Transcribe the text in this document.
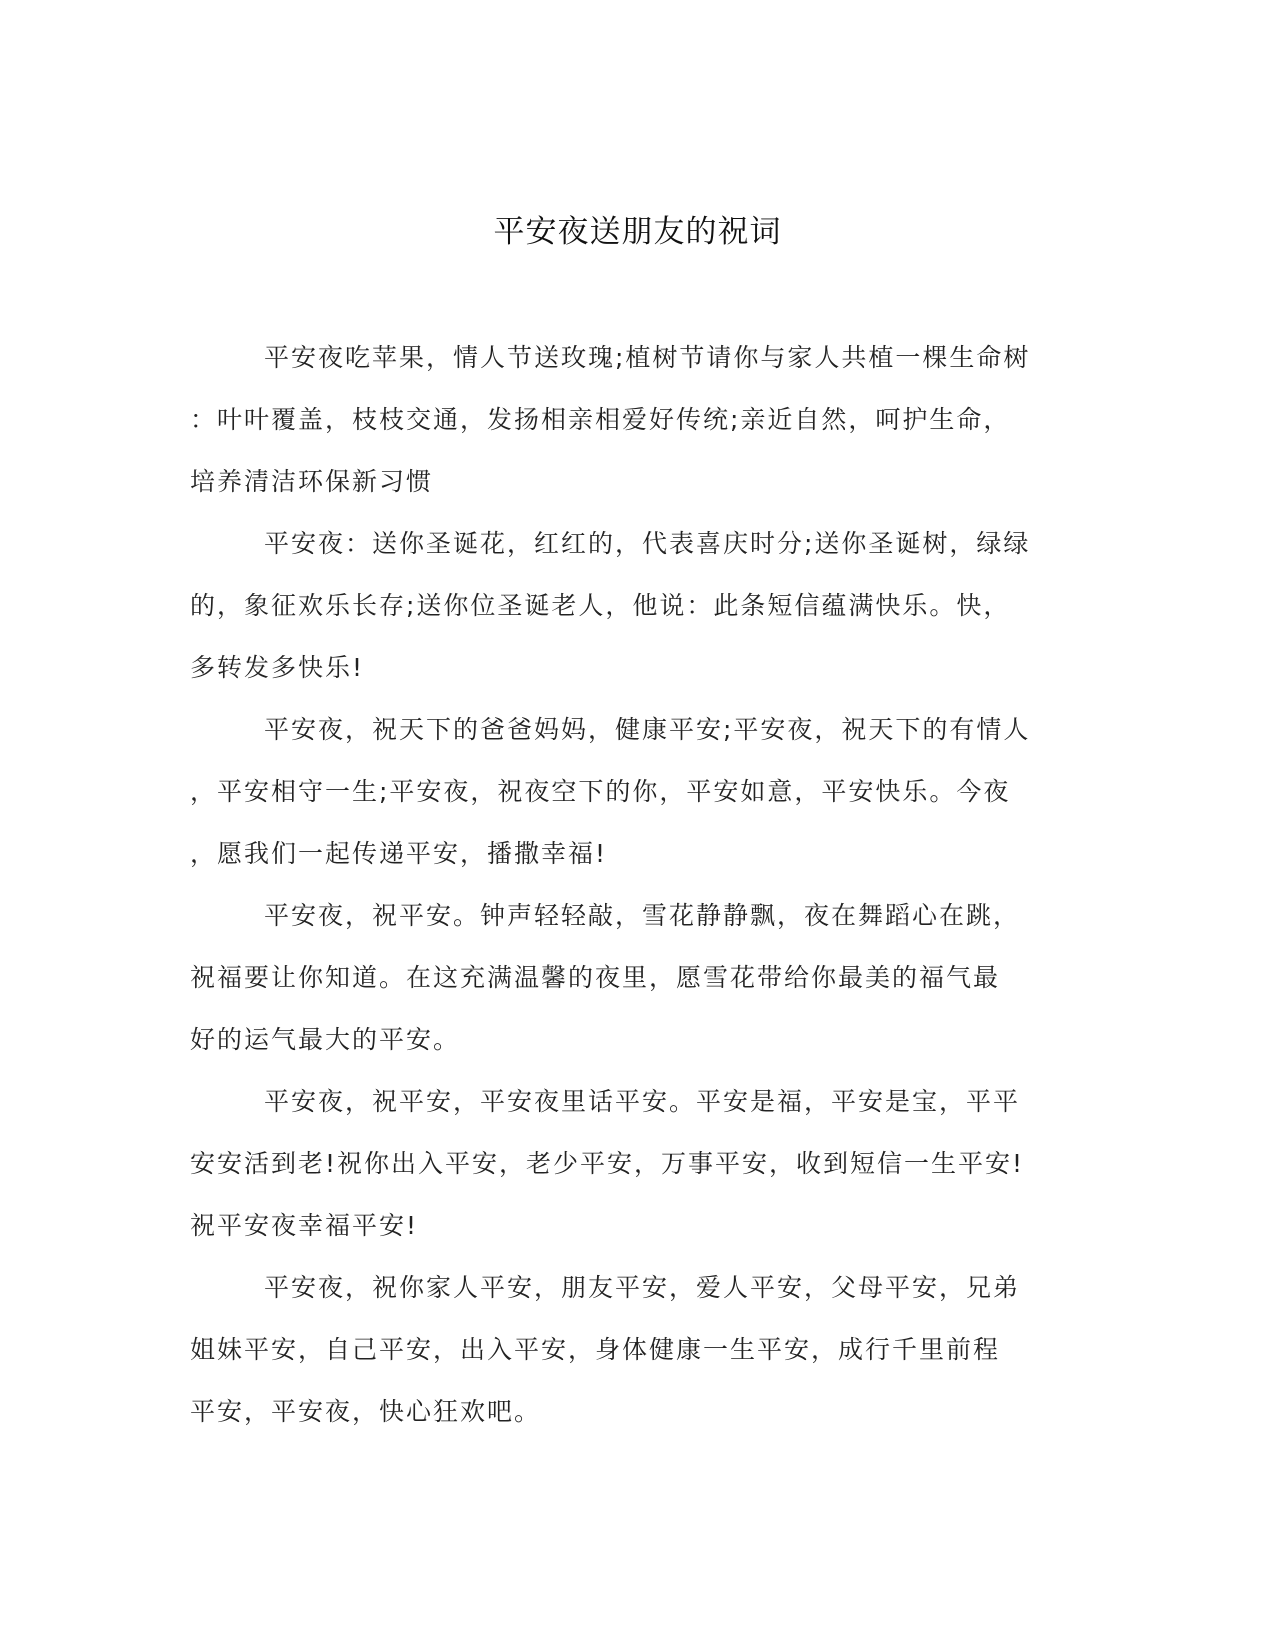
平安夜送朋友的祝词

平安夜吃苹果，情人节送玫瑰;植树节请你与家人共植一棵生命树
：叶叶覆盖，枝枝交通，发扬相亲相爱好传统;亲近自然，呵护生命，
培养清洁环保新习惯

平安夜：送你圣诞花，红红的，代表喜庆时分;送你圣诞树，绿绿
的，象征欢乐长存;送你位圣诞老人，他说：此条短信蕴满快乐。快，
多转发多快乐!

平安夜，祝天下的爸爸妈妈，健康平安;平安夜，祝天下的有情人
，平安相守一生;平安夜，祝夜空下的你，平安如意，平安快乐。今夜
，愿我们一起传递平安，播撒幸福!

平安夜，祝平安。钟声轻轻敲，雪花静静飘，夜在舞蹈心在跳，
祝福要让你知道。在这充满温馨的夜里，愿雪花带给你最美的福气最
好的运气最大的平安。

平安夜，祝平安，平安夜里话平安。平安是福，平安是宝，平平
安安活到老!祝你出入平安，老少平安，万事平安，收到短信一生平安!
祝平安夜幸福平安!

平安夜，祝你家人平安，朋友平安，爱人平安，父母平安，兄弟
姐妹平安，自己平安，出入平安，身体健康一生平安，成行千里前程
平安，平安夜，快心狂欢吧。
